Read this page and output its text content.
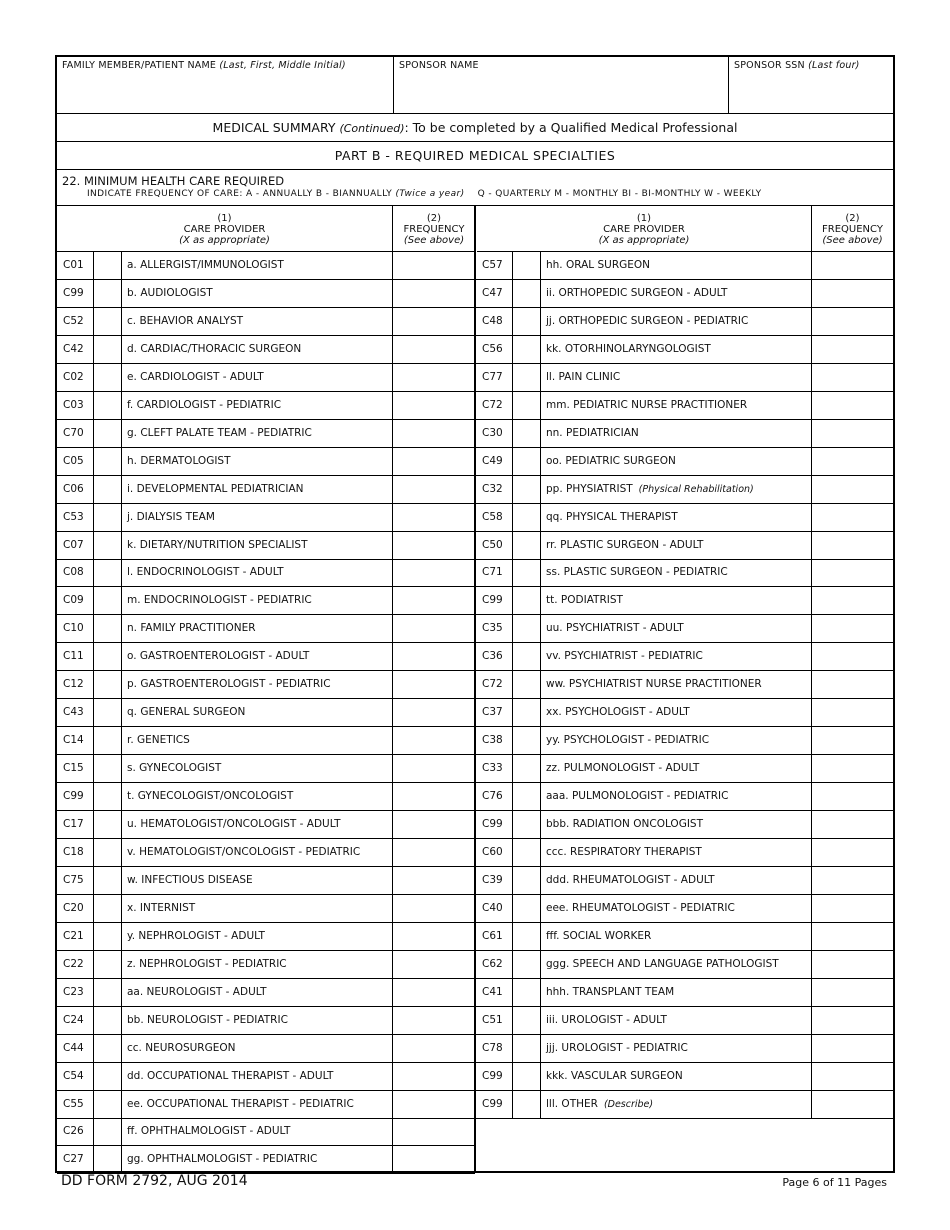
FAMILY MEMBER/PATIENT NAME (Last, First, Middle Initial)	SPONSOR NAME	SPONSOR SSN (Last four)
MEDICAL SUMMARY (Continued): To be completed by a Qualified Medical Professional
PART B - REQUIRED MEDICAL SPECIALTIES
22. MINIMUM HEALTH CARE REQUIRED
INDICATE FREQUENCY OF CARE: A - ANNUALLY B - BIANNUALLY (Twice a year) Q - QUARTERLY M - MONTHLY BI - BI-MONTHLY W - WEEKLY
(1)
CARE PROVIDER
(X as appropriate)
(2)
FREQUENCY
(See above)
(1)
CARE PROVIDER
(X as appropriate)
(2)
FREQUENCY
(See above)
C01	a. ALLERGIST/IMMUNOLOGIST
C99	b. AUDIOLOGIST
C52	c. BEHAVIOR ANALYST
C42	d. CARDIAC/THORACIC SURGEON
C02	e. CARDIOLOGIST - ADULT
C03	f. CARDIOLOGIST - PEDIATRIC
C70	g. CLEFT PALATE TEAM - PEDIATRIC
C05	h. DERMATOLOGIST
C06	i. DEVELOPMENTAL PEDIATRICIAN
C53	j. DIALYSIS TEAM
C07	k. DIETARY/NUTRITION SPECIALIST
C08	l. ENDOCRINOLOGIST - ADULT
C09	m. ENDOCRINOLOGIST - PEDIATRIC
C10	n. FAMILY PRACTITIONER
C11	o. GASTROENTEROLOGIST - ADULT
C12	p. GASTROENTEROLOGIST - PEDIATRIC
C43	q. GENERAL SURGEON
C14	r. GENETICS
C15	s. GYNECOLOGIST
C99	t. GYNECOLOGIST/ONCOLOGIST
C17	u. HEMATOLOGIST/ONCOLOGIST - ADULT
C18	v. HEMATOLOGIST/ONCOLOGIST - PEDIATRIC
C75	w. INFECTIOUS DISEASE
C20	x. INTERNIST
C21	y. NEPHROLOGIST - ADULT
C22	z. NEPHROLOGIST - PEDIATRIC
C23	aa. NEUROLOGIST - ADULT
C24	bb. NEUROLOGIST - PEDIATRIC
C44	cc. NEUROSURGEON
C54	dd. OCCUPATIONAL THERAPIST - ADULT
C55	ee. OCCUPATIONAL THERAPIST - PEDIATRIC
C26	ff. OPHTHALMOLOGIST - ADULT
C27	gg. OPHTHALMOLOGIST - PEDIATRIC
C57	hh. ORAL SURGEON
C47	ii. ORTHOPEDIC SURGEON - ADULT
C48	jj. ORTHOPEDIC SURGEON - PEDIATRIC
C56	kk. OTORHINOLARYNGOLOGIST
C77	ll. PAIN CLINIC
C72	mm. PEDIATRIC NURSE PRACTITIONER
C30	nn. PEDIATRICIAN
C49	oo. PEDIATRIC SURGEON
C32	pp. PHYSIATRIST (Physical Rehabilitation)
C58	qq. PHYSICAL THERAPIST
C50	rr. PLASTIC SURGEON - ADULT
C71	ss. PLASTIC SURGEON - PEDIATRIC
C99	tt. PODIATRIST
C35	uu. PSYCHIATRIST - ADULT
C36	vv. PSYCHIATRIST - PEDIATRIC
C72	ww. PSYCHIATRIST NURSE PRACTITIONER
C37	xx. PSYCHOLOGIST - ADULT
C38	yy. PSYCHOLOGIST - PEDIATRIC
C33	zz. PULMONOLOGIST - ADULT
C76	aaa. PULMONOLOGIST - PEDIATRIC
C99	bbb. RADIATION ONCOLOGIST
C60	ccc. RESPIRATORY THERAPIST
C39	ddd. RHEUMATOLOGIST - ADULT
C40	eee. RHEUMATOLOGIST - PEDIATRIC
C61	fff. SOCIAL WORKER
C62	ggg. SPEECH AND LANGUAGE PATHOLOGIST
C41	hhh. TRANSPLANT TEAM
C51	iii. UROLOGIST - ADULT
C78	jjj. UROLOGIST - PEDIATRIC
C99	kkk. VASCULAR SURGEON
C99	lll. OTHER (Describe)
DD FORM 2792, AUG 2014	Page 6 of 11 Pages
